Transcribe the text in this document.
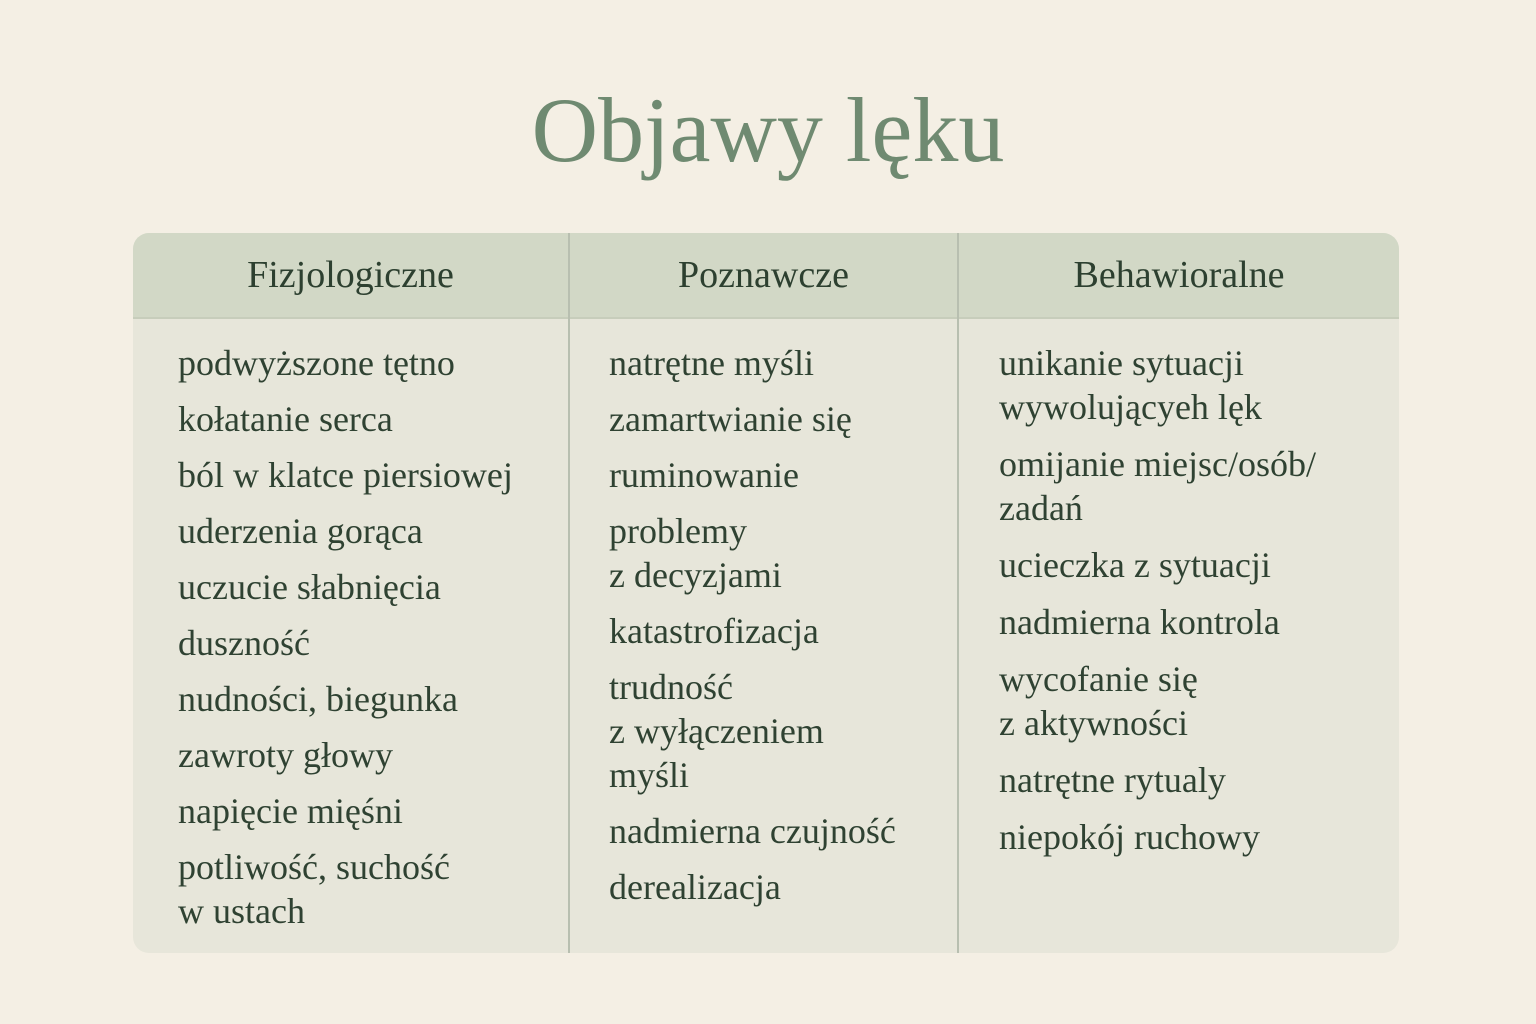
Objawy lęku
Fizjologiczne
podwyższone tętno
kołatanie serca
ból w klatce piersiowej
uderzenia gorąca
uczucie słabnięcia
duszność
nudności, biegunka
zawroty głowy
napięcie mięśni
potliwość, suchość
w ustach
Poznawcze
natrętne myśli
zamartwianie się
ruminowanie
problemy
z decyzjami
katastrofizacja
trudność
z wyłączeniem
myśli
nadmierna czujność
derealizacja
Behawioralne
unikanie sytuacji
wywolującyeh lęk
omijanie miejsc/osób/
zadań
ucieczka z sytuacji
nadmierna kontrola
wycofanie się
z aktywności
natrętne rytualy
niepokój ruchowy
